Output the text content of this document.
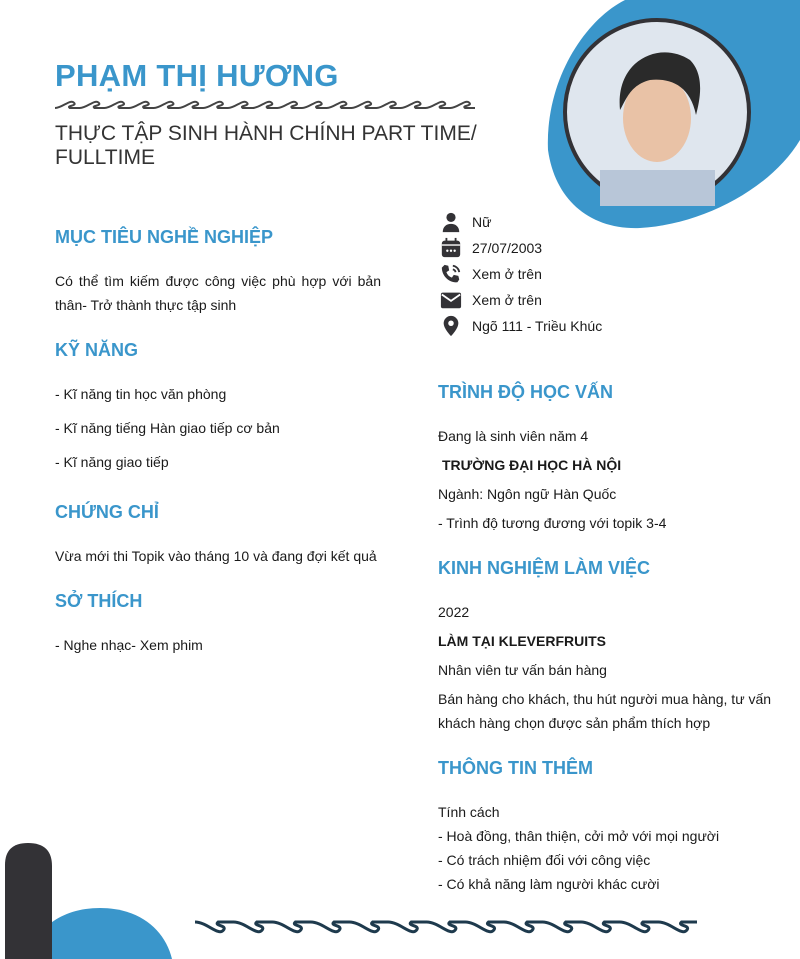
PHẠM THỊ HƯƠNG
THỰC TẬP SINH HÀNH CHÍNH PART TIME/ FULLTIME
Nữ
27/07/2003
Xem ở trên
Xem ở trên
Ngõ 111 - Triều Khúc
MỤC TIÊU NGHỀ NGHIỆP
Có thể tìm kiếm được công việc phù hợp với bản thân- Trở thành thực tập sinh
KỸ NĂNG
- Kĩ năng tin học văn phòng
- Kĩ năng tiếng Hàn giao tiếp cơ bản
- Kĩ năng giao tiếp
CHỨNG CHỈ
Vừa mới thi Topik vào tháng 10 và đang đợi kết quả
SỞ THÍCH
- Nghe nhạc- Xem phim
TRÌNH ĐỘ HỌC VẤN
Đang là sinh viên năm 4
TRƯỜNG ĐẠI HỌC HÀ NỘI
Ngành: Ngôn ngữ Hàn Quốc
- Trình độ tương đương với topik 3-4
KINH NGHIỆM LÀM VIỆC
2022
LÀM TẠI KLEVERFRUITS
Nhân viên tư vấn bán hàng
Bán hàng cho khách, thu hút người mua hàng, tư vấn khách hàng chọn được sản phẩm thích hợp
THÔNG TIN THÊM
Tính cách
- Hoà đồng, thân thiện, cởi mở với mọi người
- Có trách nhiệm đối với công việc
- Có khả năng làm người khác cười
